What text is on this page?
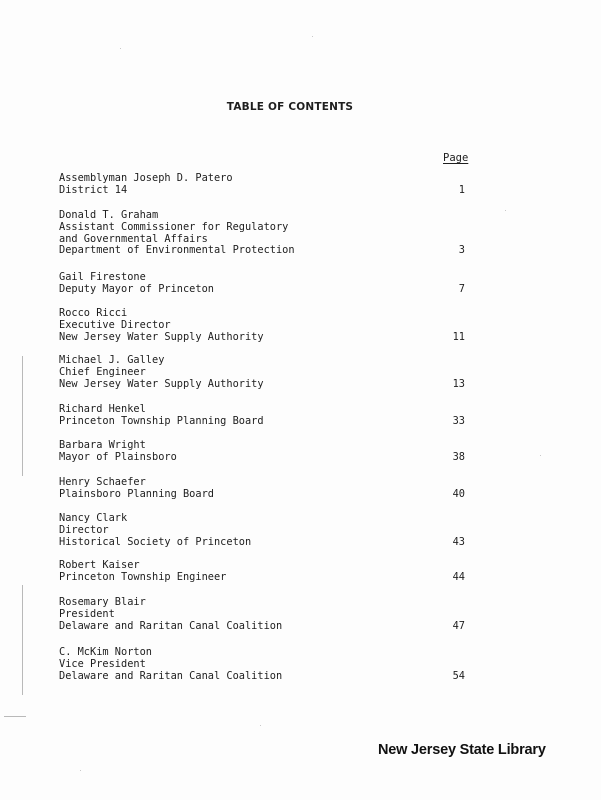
TABLE OF CONTENTS
Page
Assemblyman Joseph D. Patero
District 14	1
Donald T. Graham
Assistant Commissioner for Regulatory
and Governmental Affairs
Department of Environmental Protection	3
Gail Firestone
Deputy Mayor of Princeton	7
Rocco Ricci
Executive Director
New Jersey Water Supply Authority	11
Michael J. Galley
Chief Engineer
New Jersey Water Supply Authority	13
Richard Henkel
Princeton Township Planning Board	33
Barbara Wright
Mayor of Plainsboro	38
Henry Schaefer
Plainsboro Planning Board	40
Nancy Clark
Director
Historical Society of Princeton	43
Robert Kaiser
Princeton Township Engineer	44
Rosemary Blair
President
Delaware and Raritan Canal Coalition	47
C. McKim Norton
Vice President
Delaware and Raritan Canal Coalition	54
New Jersey State Library
